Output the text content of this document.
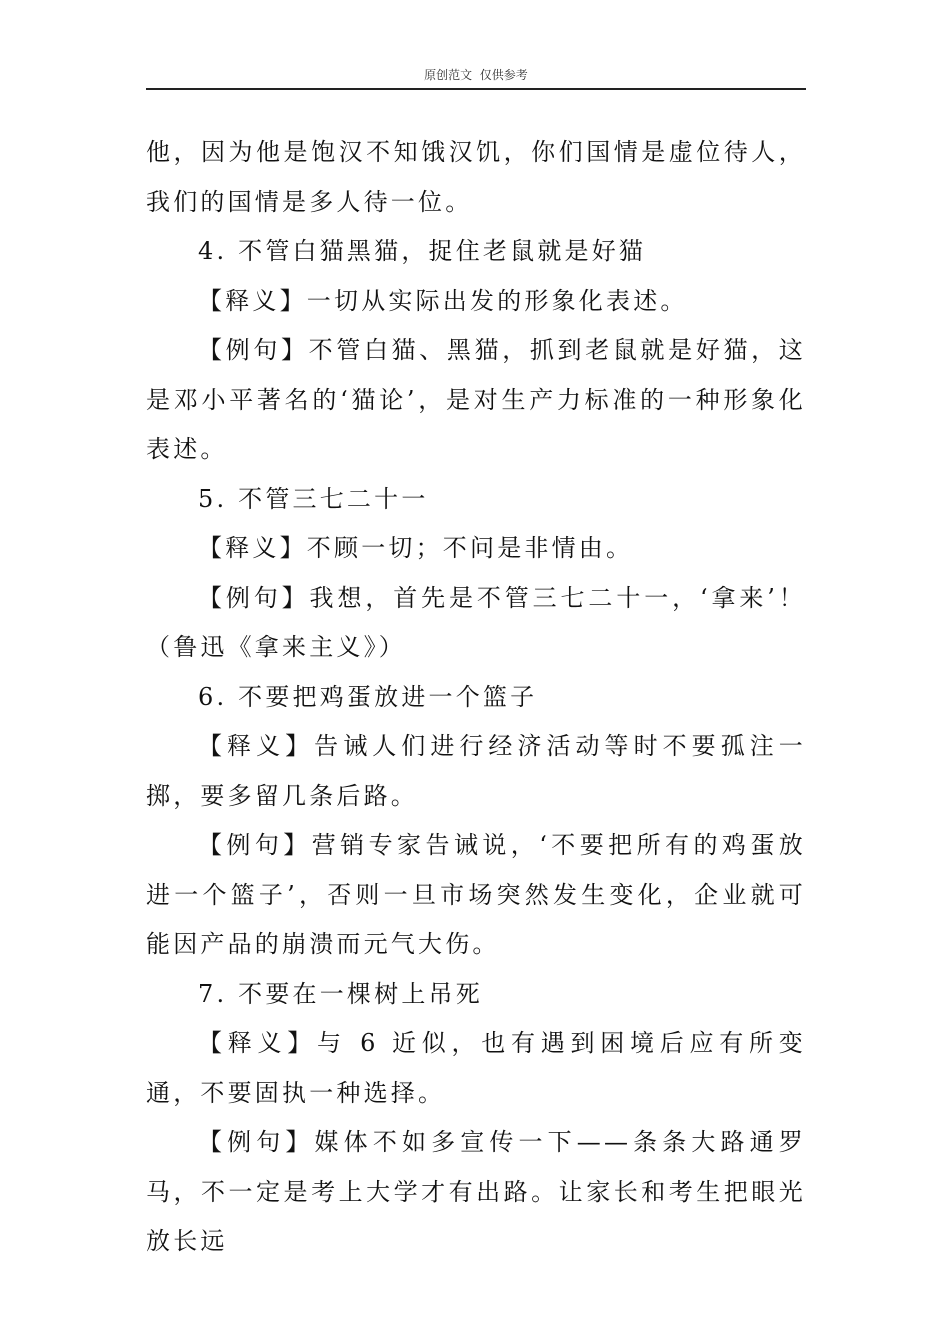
原创范文  仅供参考

他，因为他是饱汉不知饿汉饥，你们国情是虚位待人，我们的国情是多人待一位。

4. 不管白猫黑猫，捉住老鼠就是好猫

【释义】一切从实际出发的形象化表述。

【例句】不管白猫、黑猫，抓到老鼠就是好猫，这是邓小平著名的‘猫论’，是对生产力标准的一种形象化表述。

5. 不管三七二十一

【释义】不顾一切；不问是非情由。

【例句】我想，首先是不管三七二十一，‘拿来’！（鲁迅《拿来主义》）

6. 不要把鸡蛋放进一个篮子

【释义】告诫人们进行经济活动等时不要孤注一掷，要多留几条后路。

【例句】营销专家告诫说，‘不要把所有的鸡蛋放进一个篮子’，否则一旦市场突然发生变化，企业就可能因产品的崩溃而元气大伤。

7. 不要在一棵树上吊死

【释义】与 6 近似，也有遇到困境后应有所变通，不要固执一种选择。

【例句】媒体不如多宣传一下——条条大路通罗马，不一定是考上大学才有出路。让家长和考生把眼光放长远
